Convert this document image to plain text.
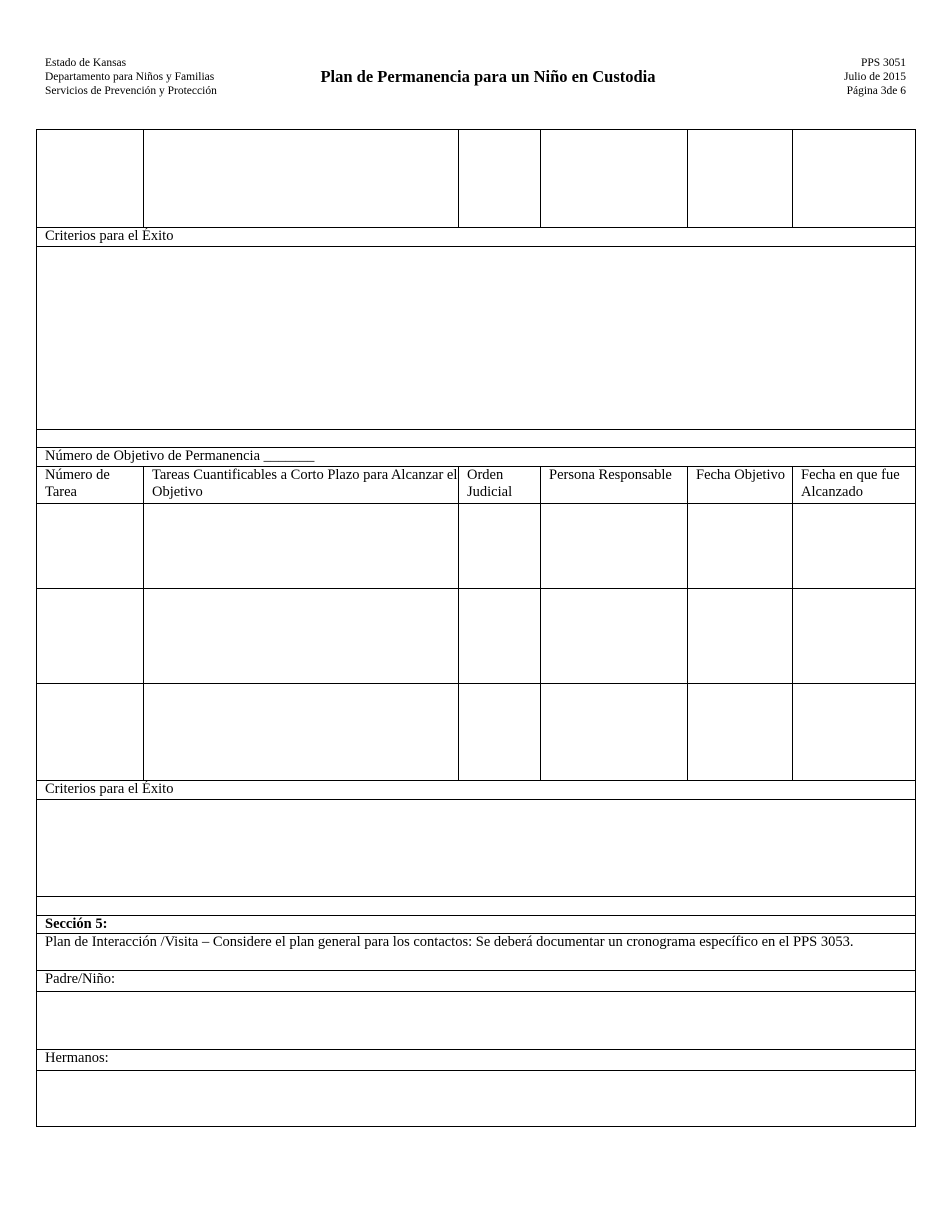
Estado de Kansas
Departamento para Niños y Familias
Servicios de Prevención y Protección
Plan de Permanencia para un Niño en Custodia
PPS 3051
Julio de 2015
Página 3de 6

Criterios para el Éxito					

Número de Objetivo de Permanencia _______					
Número de Tarea	Tareas Cuantificables a Corto Plazo para Alcanzar el Objetivo	Orden Judicial	Persona Responsable	Fecha Objetivo	Fecha en que fue Alcanzado

Criterios para el Éxito					

Sección 5:					
Plan de Interacción /Visita – Considere el plan general para los contactos: Se deberá documentar un cronograma específico en el PPS 3053.					
Padre/Niño:					

Hermanos:					
